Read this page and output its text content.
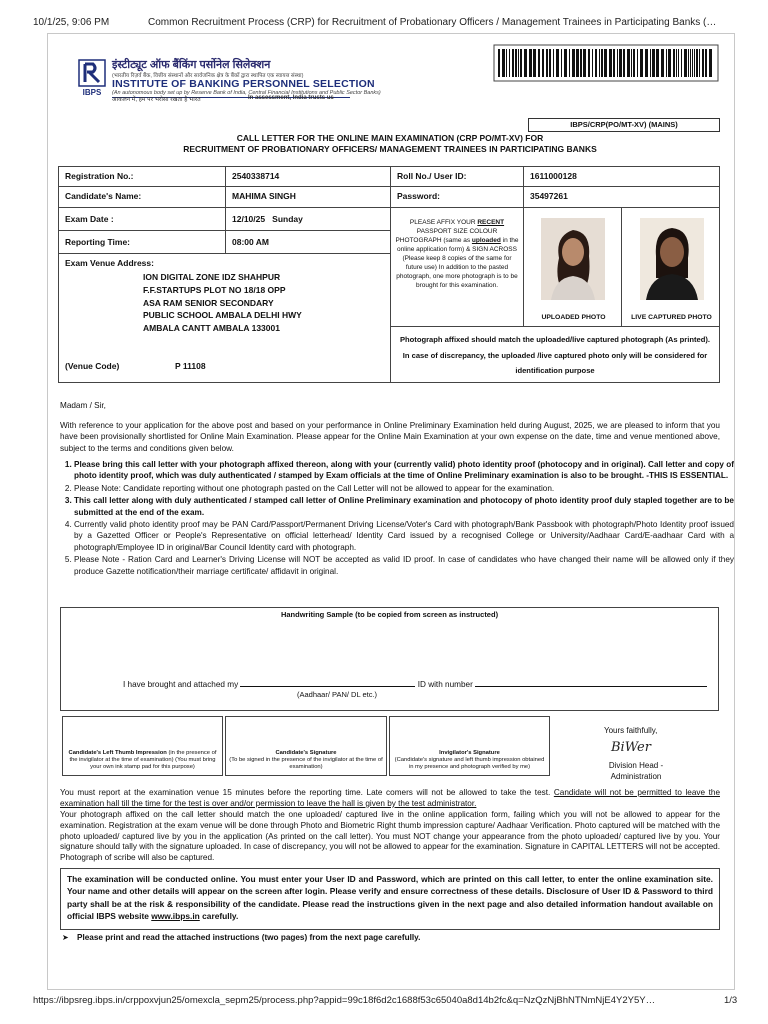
10/1/25, 9:06 PM	Common Recruitment Process (CRP) for Recruitment of Probationary Officers / Management Trainees in Participating Banks (…
IBPS
इंस्टीट्यूट ऑफ बैंकिंग पर्सोनेल सिलेक्शन
(भारतीय रिज़र्व बैंक, वित्तीय संस्थानों और सार्वजनिक क्षेत्र के बैंकों द्वारा स्थापित एक स्वायत्त संस्था)
INSTITUTE OF BANKING PERSONNEL SELECTION
(An autonomous body set up by Reserve Bank of India, Central Financial Institutions and Public Sector Banks)
आकलन में, हम पर भरोसा रखता है भारत	In assessment, India trusts us
IBPS/CRP(PO/MT-XV) (MAINS)
CALL LETTER FOR THE ONLINE MAIN EXAMINATION (CRP PO/MT-XV) FOR
RECRUITMENT OF PROBATIONARY OFFICERS/ MANAGEMENT TRAINEES IN PARTICIPATING BANKS
Registration No.:	2540338714	Roll No./ User ID:	1611000128
Candidate's Name:	MAHIMA SINGH	Password:	35497261
Exam Date :	12/10/25   Sunday
Reporting Time:	08:00 AM
Exam Venue Address:
ION DIGITAL ZONE IDZ SHAHPUR
F.F.STARTUPS PLOT NO 18/18 OPP
ASA RAM SENIOR SECONDARY
PUBLIC SCHOOL AMBALA DELHI HWY
AMBALA CANTT AMBALA 133001
(Venue Code)	P 11108
PLEASE AFFIX YOUR RECENT PASSPORT SIZE COLOUR PHOTOGRAPH (same as uploaded in the online application form) & SIGN ACROSS (Please keep 8 copies of the same for future use) In addition to the pasted photograph, one more photograph is to be brought for this examination.
UPLOADED PHOTO	LIVE CAPTURED PHOTO
Photograph affixed should match the uploaded/live captured photograph (As printed). In case of discrepancy, the uploaded /live captured photo only will be considered for identification purpose
Madam / Sir,
With reference to your application for the above post and based on your performance in Online Preliminary Examination held during August, 2025, we are pleased to inform that you have been provisionally shortlisted for Online Main Examination. Please appear for the Online Main Examination at your own expense on the date, time and venue mentioned above, subject to the terms and conditions given below.
1. Please bring this call letter with your photograph affixed thereon, along with your (currently valid) photo identity proof (photocopy and in original). Call letter and copy of photo identity proof, which was duly authenticated / stamped by Exam officials at the time of Online Preliminary examination is also to be brought. -THIS IS ESSENTIAL.
2. Please Note: Candidate reporting without one photograph pasted on the Call Letter will not be allowed to appear for the examination.
3. This call letter along with duly authenticated / stamped call letter of Online Preliminary examination and photocopy of photo identity proof duly stapled together are to be submitted at the end of the exam.
4. Currently valid photo identity proof may be PAN Card/Passport/Permanent Driving License/Voter's Card with photograph/Bank Passbook with photograph/Photo Identity proof issued by a Gazetted Officer or People's Representative on official letterhead/ Identity Card issued by a recognised College or University/Aadhaar Card/E-aadhaar Card with a photograph/Employee ID in original/Bar Council Identity card with photograph.
5. Please Note - Ration Card and Learner's Driving License will NOT be accepted as valid ID proof. In case of candidates who have changed their name will be allowed only if they produce Gazette notification/their marriage certificate/ affidavit in original.
Handwriting Sample (to be copied from screen as instructed)
I have brought and attached my	ID with number
(Aadhaar/ PAN/ DL etc.)
Candidate's Left Thumb Impression (in the presence of the invigilator at the time of examination) (You must bring your own ink stamp pad for this purpose)
Candidate's Signature
(To be signed in the presence of the invigilator at the time of examination)
Invigilator's Signature
(Candidate's signature and left thumb impression obtained in my presence and photograph verified by me)
Yours faithfully,
BiWer
Division Head -
Administration
You must report at the examination venue 15 minutes before the reporting time. Late comers will not be allowed to take the test. Candidate will not be permitted to leave the examination hall till the time for the test is over and/or permission to leave the hall is given by the test administrator.
Your photograph affixed on the call letter should match the one uploaded/ captured live in the online application form, failing which you will not be allowed to appear for the examination. Registration at the exam venue will be done through Photo and Biometric Right thumb impression capture/ Aadhaar Verification. Photo captured will be matched with the photo uploaded/ captured live by you in the application (As printed on the call letter). You must NOT change your appearance from the photo uploaded/ captured live by you. Your signature should tally with the signature uploaded. In case of discrepancy, you will not be allowed to appear for the examination. Signature in CAPITAL LETTERS will not be accepted. Photograph of scribe will also be captured.
The examination will be conducted online. You must enter your User ID and Password, which are printed on this call letter, to enter the online examination site. Your name and other details will appear on the screen after login. Please verify and ensure correctness of these details. Disclosure of User ID & Password to third party shall be at the risk & responsibility of the candidate. Please read the instructions given in the next page and also detailed information handout available on official IBPS website www.ibps.in carefully.
➤ Please print and read the attached instructions (two pages) from the next page carefully.
https://ibpsreg.ibps.in/crppoxvjun25/omexcla_sepm25/process.php?appid=99c18f6d2c1688f53c65040a8d14b2fc&q=NzQzNjBhNTNmNjE4Y2Y5Y…	1/3
